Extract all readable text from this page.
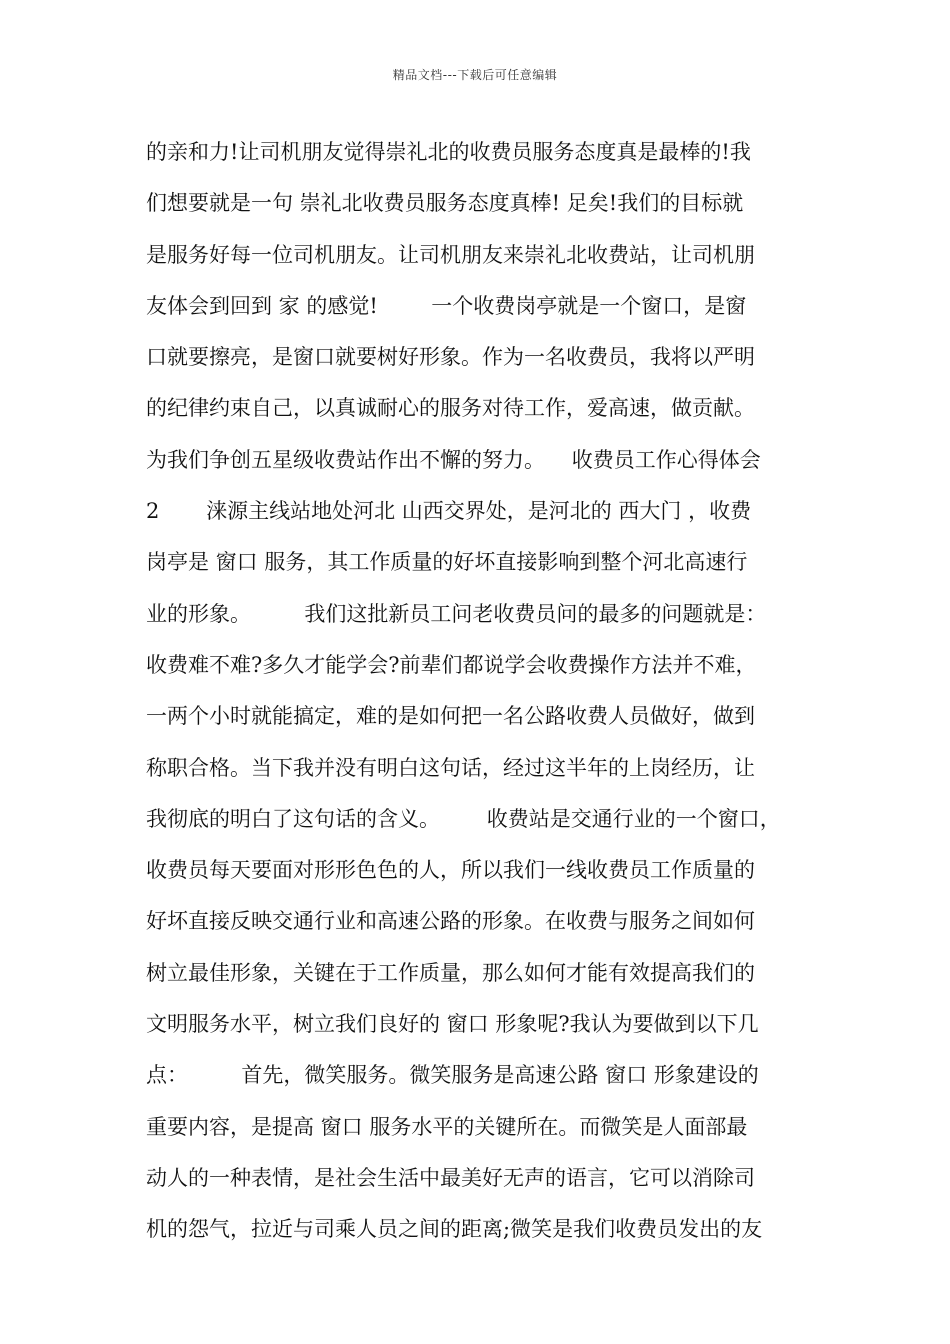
精品文档---下载后可任意编辑
的亲和力!让司机朋友觉得崇礼北的收费员服务态度真是最棒的!我
们想要就是一句 崇礼北收费员服务态度真棒! 足矣!我们的目标就
是服务好每一位司机朋友。让司机朋友来崇礼北收费站，让司机朋
友体会到回到 家 的感觉!        一个收费岗亭就是一个窗口，是窗
口就要擦亮，是窗口就要树好形象。作为一名收费员，我将以严明
的纪律约束自己，以真诚耐心的服务对待工作，爱高速，做贡献。
为我们争创五星级收费站作出不懈的努力。    收费员工作心得体会
2       涞源主线站地处河北 山西交界处，是河北的 西大门 ，收费
岗亭是 窗口 服务，其工作质量的好坏直接影响到整个河北高速行
业的形象。        我们这批新员工问老收费员问的最多的问题就是：
收费难不难?多久才能学会?前辈们都说学会收费操作方法并不难，
一两个小时就能搞定，难的是如何把一名公路收费人员做好，做到
称职合格。当下我并没有明白这句话，经过这半年的上岗经历，让
我彻底的明白了这句话的含义。       收费站是交通行业的一个窗口，
收费员每天要面对形形色色的人，所以我们一线收费员工作质量的
好坏直接反映交通行业和高速公路的形象。在收费与服务之间如何
树立最佳形象，关键在于工作质量，那么如何才能有效提高我们的
文明服务水平，树立我们良好的 窗口 形象呢?我认为要做到以下几
点：        首先，微笑服务。微笑服务是高速公路 窗口 形象建设的
重要内容，是提高 窗口 服务水平的关键所在。而微笑是人面部最
动人的一种表情，是社会生活中最美好无声的语言，它可以消除司
机的怨气，拉近与司乘人员之间的距离;微笑是我们收费员发出的友
